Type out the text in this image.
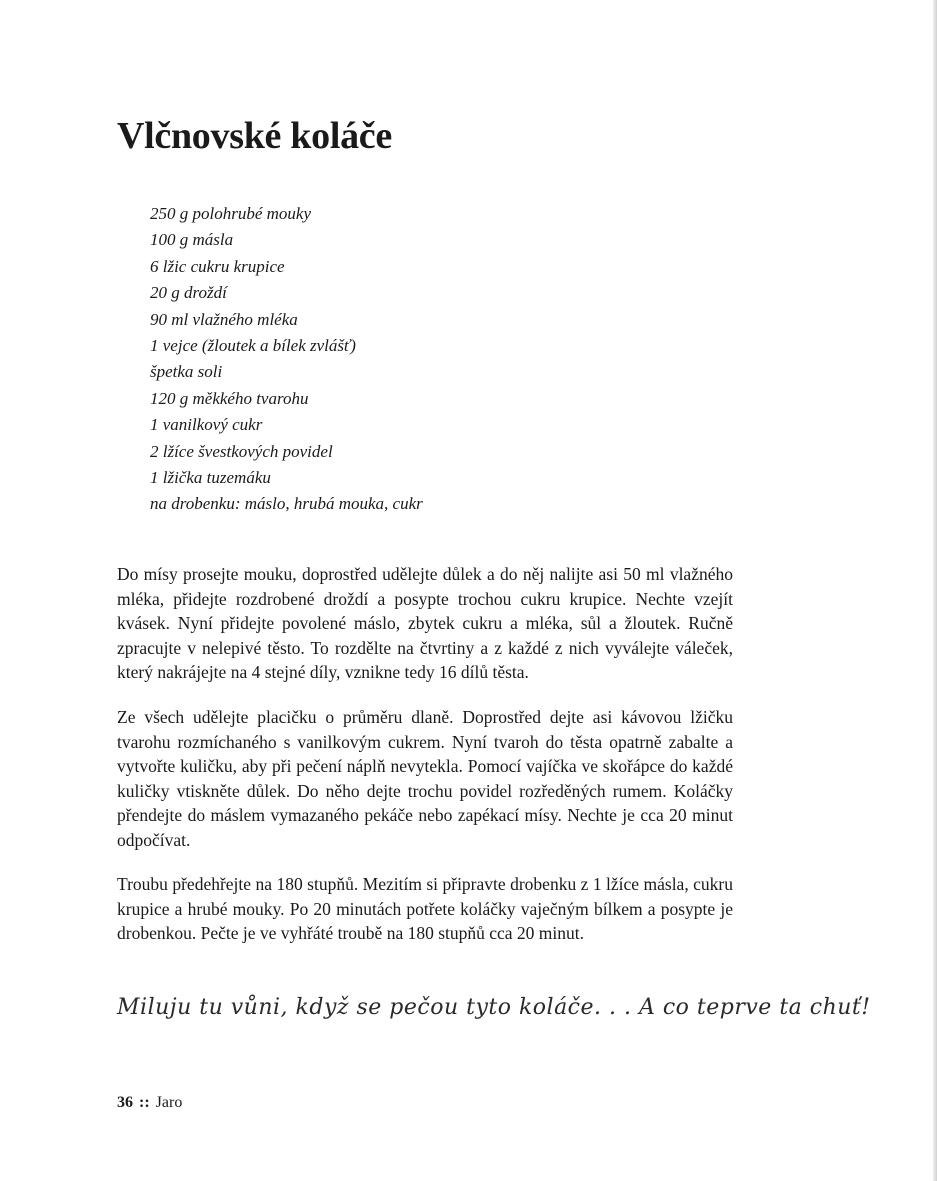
Vlčnovské koláče
250 g polohrubé mouky
100 g másla
6 lžic cukru krupice
20 g droždí
90 ml vlažného mléka
1 vejce (žloutek a bílek zvlášť)
špetka soli
120 g měkkého tvarohu
1 vanilkový cukr
2 lžíce švestkových povidel
1 lžička tuzemáku
na drobenku: máslo, hrubá mouka, cukr

Do mísy prosejte mouku, doprostřed udělejte důlek a do něj nalijte asi 50 ml vlažného mléka, přidejte rozdrobené droždí a posypte trochou cukru krupice. Nechte vzejít kvásek. Nyní přidejte povolené máslo, zbytek cukru a mléka, sůl a žloutek. Ručně zpracujte v nelepivé těsto. To rozdělte na čtvrtiny a z každé z nich vyválejte váleček, který nakrájejte na 4 stejné díly, vznikne tedy 16 dílů těsta.

Ze všech udělejte placičku o průměru dlaně. Doprostřed dejte asi kávovou lžičku tvarohu rozmíchaného s vanilkovým cukrem. Nyní tvaroh do těsta opatrně zabalte a vytvořte kuličku, aby při pečení náplň nevytekla. Pomocí vajíčka ve skořápce do každé kuličky vtiskněte důlek. Do něho dejte trochu povidel rozředěných rumem. Koláčky přendejte do máslem vymazaného pekáče nebo zapékací mísy. Nechte je cca 20 minut odpočívat.

Troubu předehřejte na 180 stupňů. Mezitím si připravte drobenku z 1 lžíce másla, cukru krupice a hrubé mouky. Po 20 minutách potřete koláčky vaječným bílkem a posypte je drobenkou. Pečte je ve vyhřáté troubě na 180 stupňů cca 20 minut.

Miluju tu vůni, když se pečou tyto koláče. . . A co teprve ta chuť!

36 :: Jaro
